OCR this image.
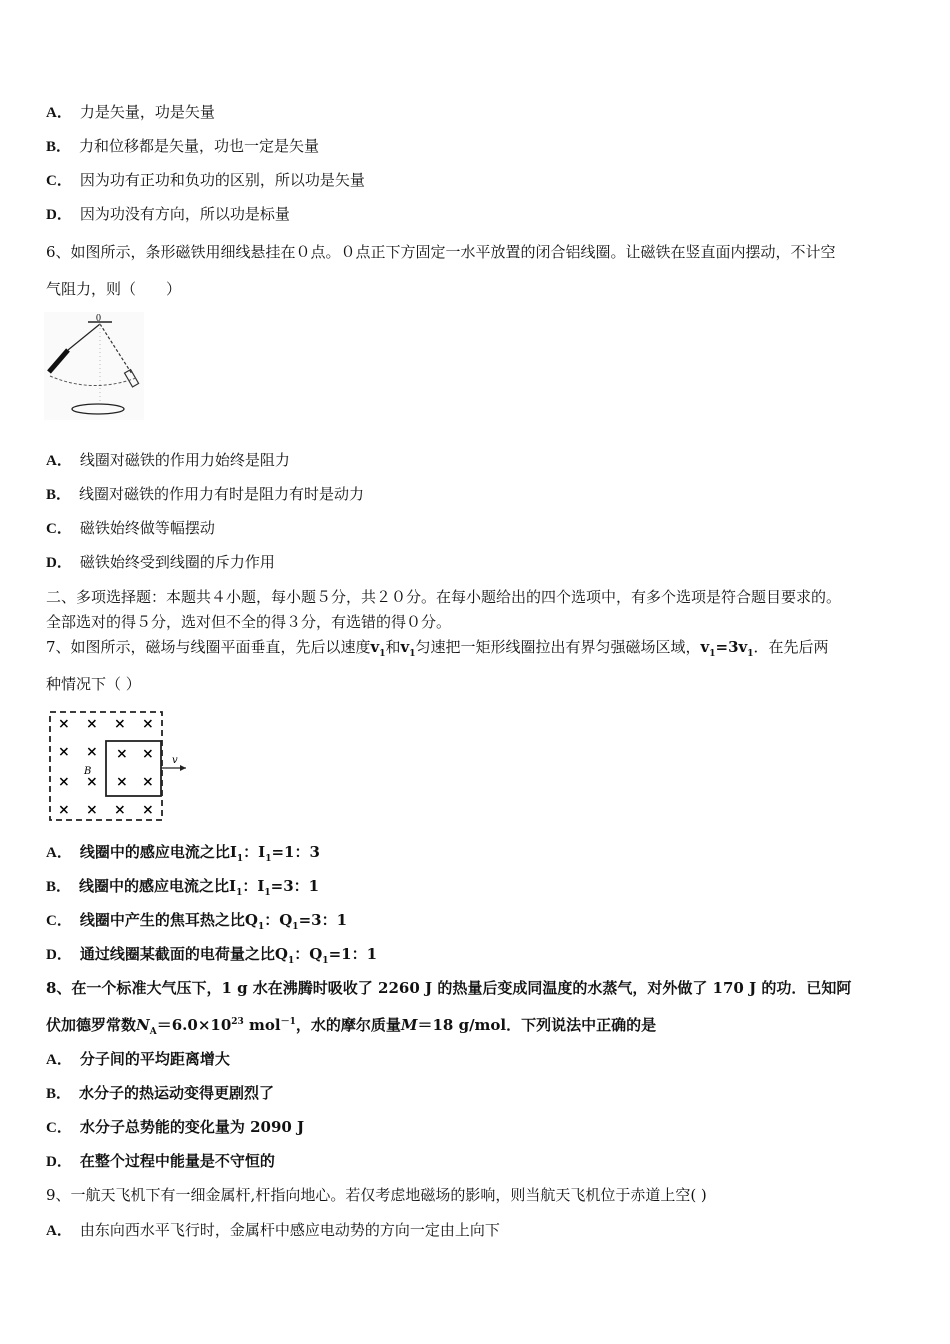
A． 力是矢量，功是矢量
B． 力和位移都是矢量，功也一定是矢量
C． 因为功有正功和负功的区别，所以功是矢量
D． 因为功没有方向，所以功是标量
6、如图所示，条形磁铁用细线悬挂在０点。０点正下方固定一水平放置的闭合铝线圈。让磁铁在竖直面内摆动，不计空
气阻力，则（　　）
0
A． 线圈对磁铁的作用力始终是阻力
B． 线圈对磁铁的作用力有时是阻力有时是动力
C． 磁铁始终做等幅摆动
D． 磁铁始终受到线圈的斥力作用
二、多项选择题：本题共４小题，每小题５分，共２０分。在每小题给出的四个选项中，有多个选项是符合题目要求的。
全部选对的得５分，选对但不全的得３分，有选错的得０分。
7、如图所示，磁场与线圈平面垂直，先后以速度$v_1$和$v_1$匀速把一矩形线圈拉出有界匀强磁场区域，$v_1=3v_1$．在先后两
种情况下（ ）
× × × ×
× × × ×
×
B
× × ×
× × × ×
v
A． 线圈中的感应电流之比$I_1$：$I_1=1$：3
B． 线圈中的感应电流之比$I_1$：$I_1=3$：1
C． 线圈中产生的焦耳热之比$Q_1$：$Q_1=3$：1
D． 通过线圈某截面的电荷量之比$Q_1$：$Q_1=1$：1
8、在一个标准大气压下，1 g 水在沸腾时吸收了 2260 J 的热量后变成同温度的水蒸气，对外做了 170 J 的功．已知阿
伏加德罗常数$N_A=6.0\times 10^{23}$ mol$^{-1}$，水的摩尔质量M＝18 g/mol．下列说法中正确的是
A． 分子间的平均距离增大
B． 水分子的热运动变得更剧烈了
C． 水分子总势能的变化量为 2090 J
D． 在整个过程中能量是不守恒的
9、一航天飞机下有一细金属杆,杆指向地心。若仅考虑地磁场的影响，则当航天飞机位于赤道上空( )
A． 由东向西水平飞行时，金属杆中感应电动势的方向一定由上向下
